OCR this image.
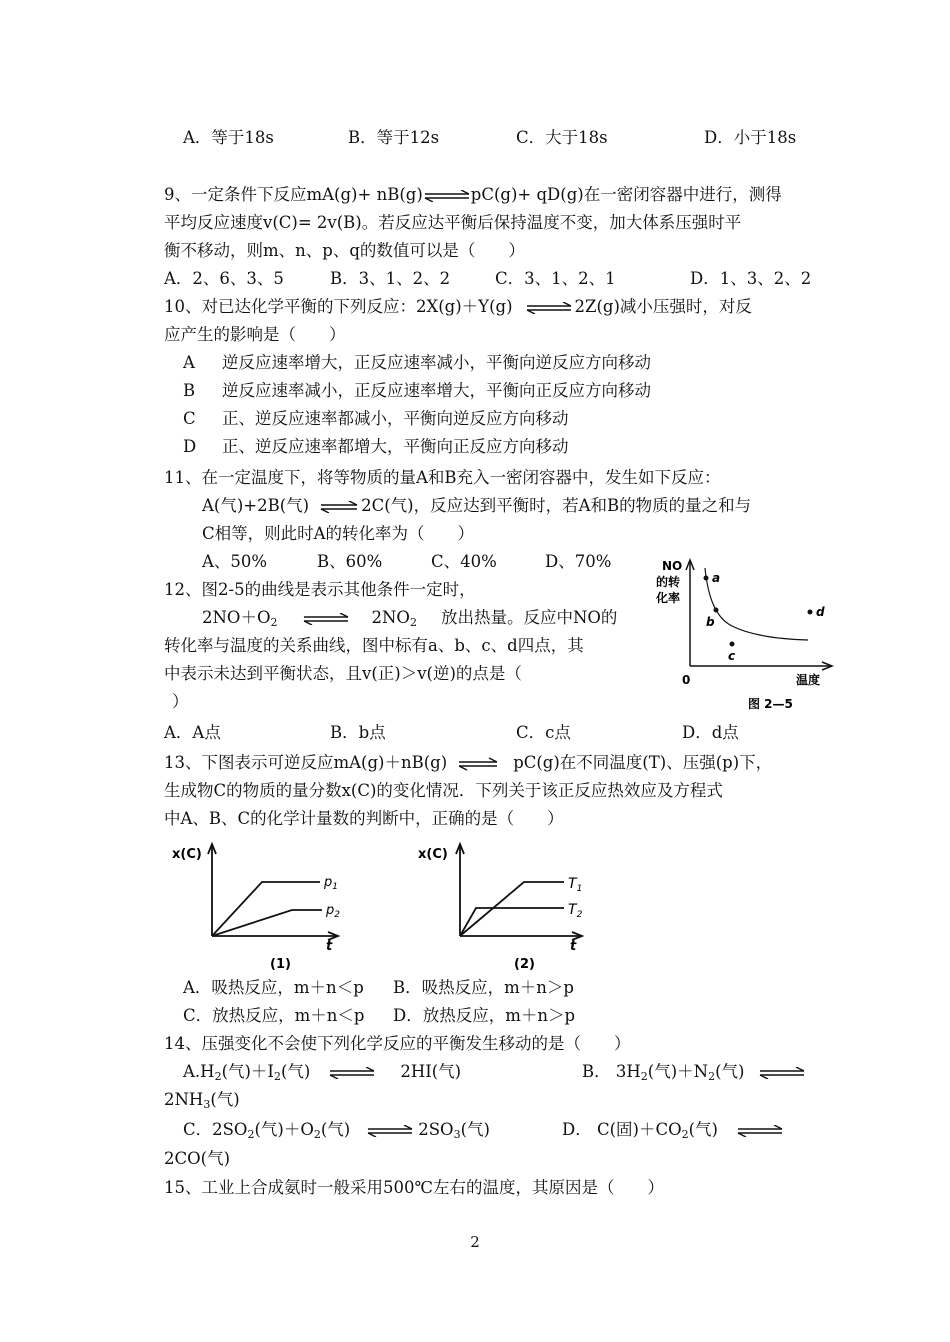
A．等于18s	B．等于12s	C．大于18s	D．小于18s
9、一定条件下反应mA(g)+ nB(g)⇌pC(g)+ qD(g)在一密闭容器中进行，测得
平均反应速度v(C)= 2v(B)。若反应达平衡后保持温度不变，加大体系压强时平
衡不移动，则m、n、p、q的数值可以是（　　）
A．2、6、3、5	B．3、1、2、2	C．3、1、2、1	D．1、3、2、2
10、对已达化学平衡的下列反应：2X(g)＋Y(g) ⇌ 2Z(g)减小压强时，对反
应产生的影响是（　　）
A 逆反应速率增大，正反应速率减小，平衡向逆反应方向移动
B 逆反应速率减小，正反应速率增大，平衡向正反应方向移动
C 正、逆反应速率都减小，平衡向逆反应方向移动
D 正、逆反应速率都增大，平衡向正反应方向移动
11、在一定温度下，将等物质的量A和B充入一密闭容器中，发生如下反应：
A(气)+2B(气) ⇌ 2C(气)，反应达到平衡时，若A和B的物质的量之和与
C相等，则此时A的转化率为（　　）
A、50%	B、60%	C、40%	D、70%
12、图2-5的曲线是表示其他条件一定时，
$2NO+O_2$ ⇌ $2NO_2$ 放出热量。反应中NO的
转化率与温度的关系曲线，图中标有a、b、c、d四点，其
中表示未达到平衡状态，且v(正)＞v(逆)的点是（
）
A．A点	B．b点	C．c点	D．d点
NO
的转
化率
a
b
c
d
0	温度
图 2—5
13、下图表示可逆反应mA(g)＋nB(g) ⇌ pC(g)在不同温度(T)、压强(p)下，
生成物C的物质的量分数x(C)的变化情况．下列关于该正反应热效应及方程式
中A、B、C的化学计量数的判断中，正确的是（　　）
x(C)
$p_1$
$p_2$
t
(1)
x(C)
$T_1$
$T_2$
t
(2)
A．吸热反应，m＋n＜p B．吸热反应，m＋n＞p
C．放热反应，m＋n＜p D．放热反应，m＋n＞p
14、压强变化不会使下列化学反应的平衡发生移动的是（　　）
$A.H_2$(气)$+I_2$(气) ⇌ 2HI(气)	B． $3H_2$(气)$+N_2$(气) ⇌
$2NH_3$(气)
C．$2SO_2$(气)$+O_2$(气) ⇌ $2SO_3$(气)	D． C(固)$+CO_2$(气) ⇌
2CO(气)
15、工业上合成氨时一般采用500℃左右的温度，其原因是（　　）
2
